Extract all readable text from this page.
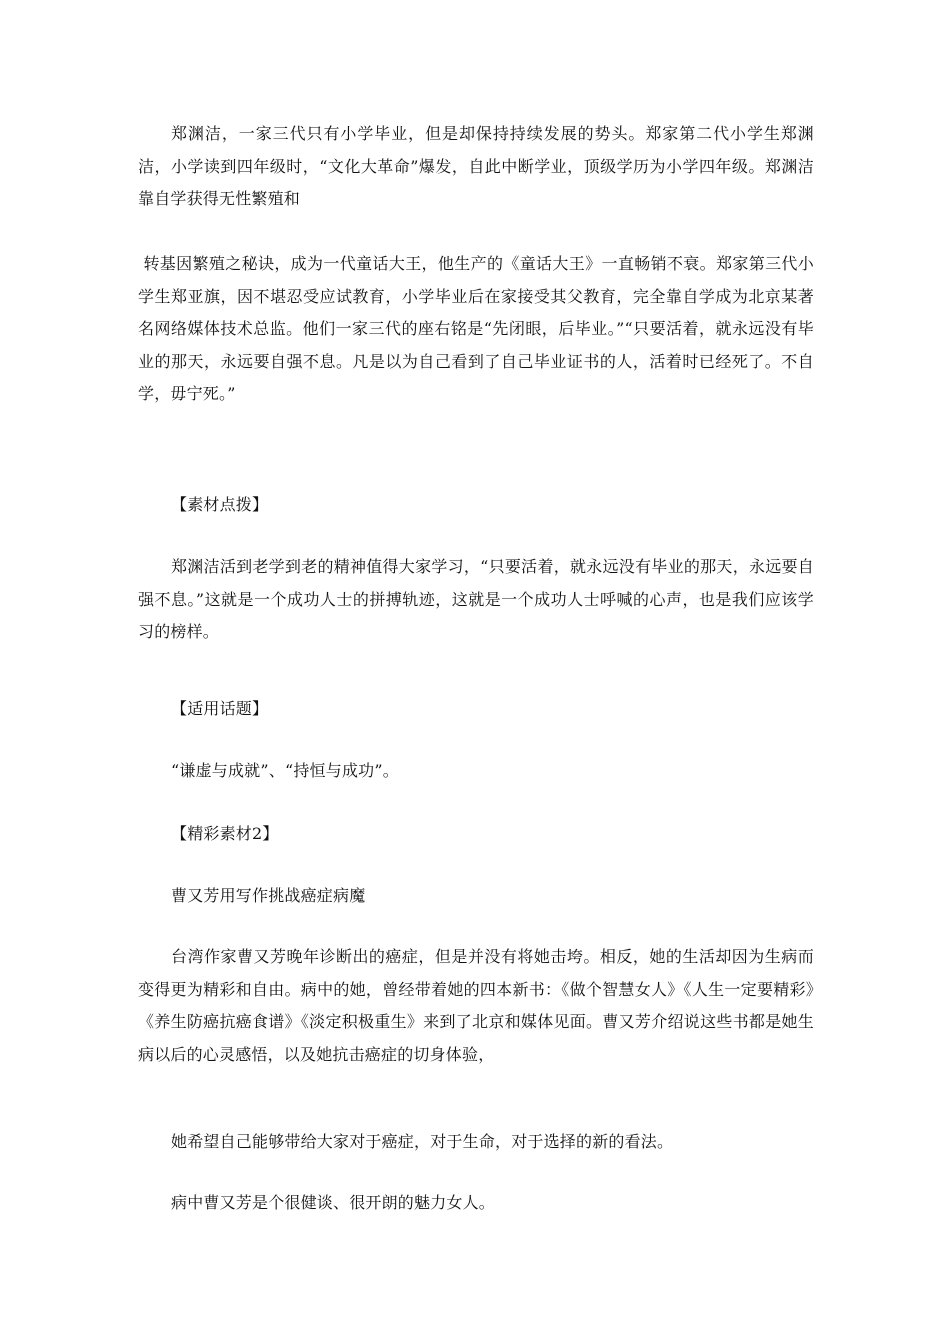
郑渊洁，一家三代只有小学毕业，但是却保持持续发展的势头。郑家第二代小学生郑渊洁，小学读到四年级时，“文化大革命”爆发，自此中断学业，顶级学历为小学四年级。郑渊洁靠自学获得无性繁殖和

转基因繁殖之秘诀，成为一代童话大王，他生产的《童话大王》一直畅销不衰。郑家第三代小学生郑亚旗，因不堪忍受应试教育，小学毕业后在家接受其父教育，完全靠自学成为北京某著名网络媒体技术总监。他们一家三代的座右铭是“先闭眼，后毕业。”“只要活着，就永远没有毕业的那天，永远要自强不息。凡是以为自己看到了自己毕业证书的人，活着时已经死了。不自学，毋宁死。”

【素材点拨】

郑渊洁活到老学到老的精神值得大家学习，“只要活着，就永远没有毕业的那天，永远要自强不息。”这就是一个成功人士的拼搏轨迹，这就是一个成功人士呼喊的心声，也是我们应该学习的榜样。

【适用话题】

“谦虚与成就”、“持恒与成功”。

【精彩素材2】

曹又芳用写作挑战癌症病魔

台湾作家曹又芳晚年诊断出的癌症，但是并没有将她击垮。相反，她的生活却因为生病而变得更为精彩和自由。病中的她，曾经带着她的四本新书：《做个智慧女人》《人生一定要精彩》《养生防癌抗癌食谱》《淡定积极重生》来到了北京和媒体见面。曹又芳介绍说这些书都是她生病以后的心灵感悟，以及她抗击癌症的切身体验，

她希望自己能够带给大家对于癌症，对于生命，对于选择的新的看法。

病中曹又芳是个很健谈、很开朗的魅力女人。
